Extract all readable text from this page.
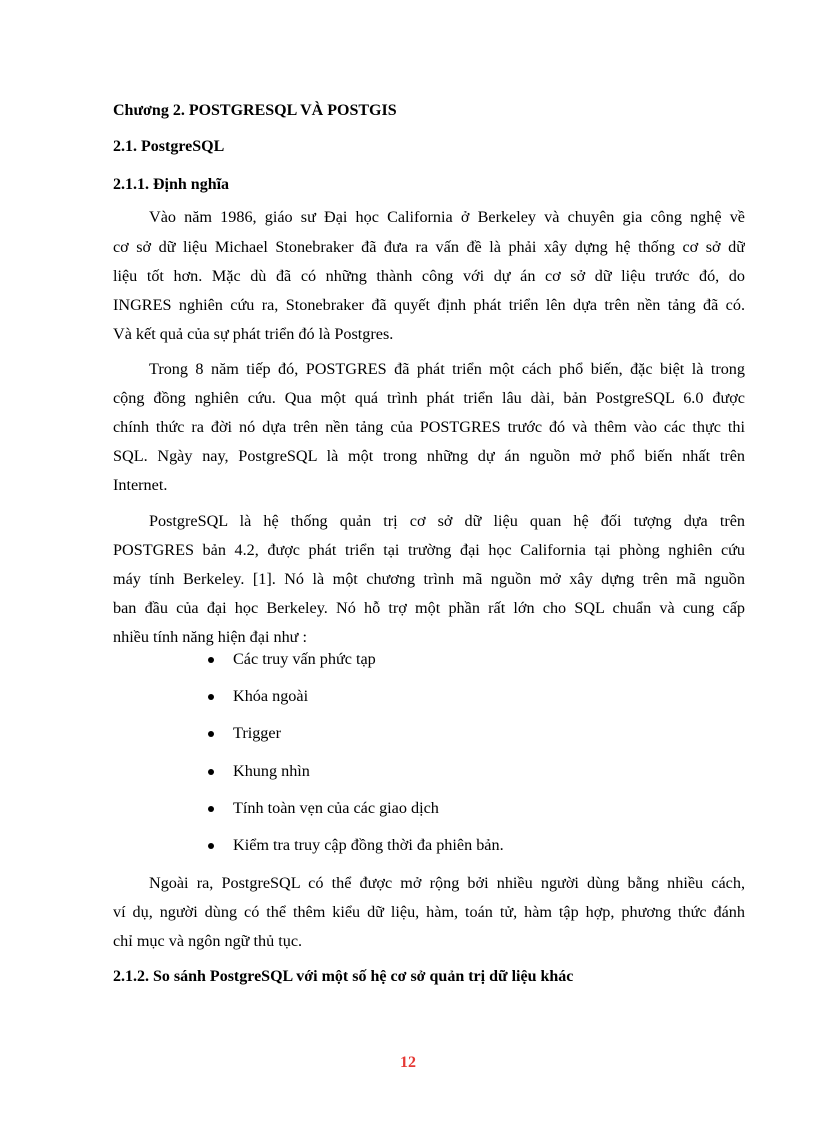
Chương 2. POSTGRESQL VÀ POSTGIS
2.1. PostgreSQL
2.1.1. Định nghĩa
Vào năm 1986, giáo sư Đại học California ở Berkeley và chuyên gia công nghệ về
cơ sở dữ liệu Michael Stonebraker đã đưa ra vấn đề là phải xây dựng hệ thống cơ sở dữ
liệu tốt hơn. Mặc dù đã có những thành công với dự án cơ sở dữ liệu trước đó, do
INGRES nghiên cứu ra, Stonebraker đã quyết định phát triển lên dựa trên nền tảng đã có.
Và kết quả của sự phát triển đó là Postgres.
Trong 8 năm tiếp đó, POSTGRES đã phát triển một cách phổ biến, đặc biệt là trong
cộng đồng nghiên cứu. Qua một quá trình phát triển lâu dài, bản PostgreSQL 6.0 được
chính thức ra đời nó dựa trên nền tảng của POSTGRES trước đó và thêm vào các thực thi
SQL. Ngày nay, PostgreSQL là một trong những dự án nguồn mở phổ biến nhất trên
Internet.
PostgreSQL là hệ thống quản trị cơ sở dữ liệu quan hệ đối tượng dựa trên
POSTGRES bản 4.2, được phát triển tại trường đại học California tại phòng nghiên cứu
máy tính Berkeley. [1]. Nó là một chương trình mã nguồn mở xây dựng trên mã nguồn
ban đầu của đại học Berkeley. Nó hỗ trợ một phần rất lớn cho SQL chuẩn và cung cấp
nhiều tính năng hiện đại như :
Các truy vấn phức tạp
Khóa ngoài
Trigger
Khung nhìn
Tính toàn vẹn của các giao dịch
Kiểm tra truy cập đồng thời đa phiên bản.
Ngoài ra, PostgreSQL có thể được mở rộng bởi nhiều người dùng bằng nhiều cách,
ví dụ, người dùng có thể thêm kiểu dữ liệu, hàm, toán tử, hàm tập hợp, phương thức đánh
chỉ mục và ngôn ngữ thủ tục.
2.1.2. So sánh PostgreSQL với một số hệ cơ sở quản trị dữ liệu khác
12
